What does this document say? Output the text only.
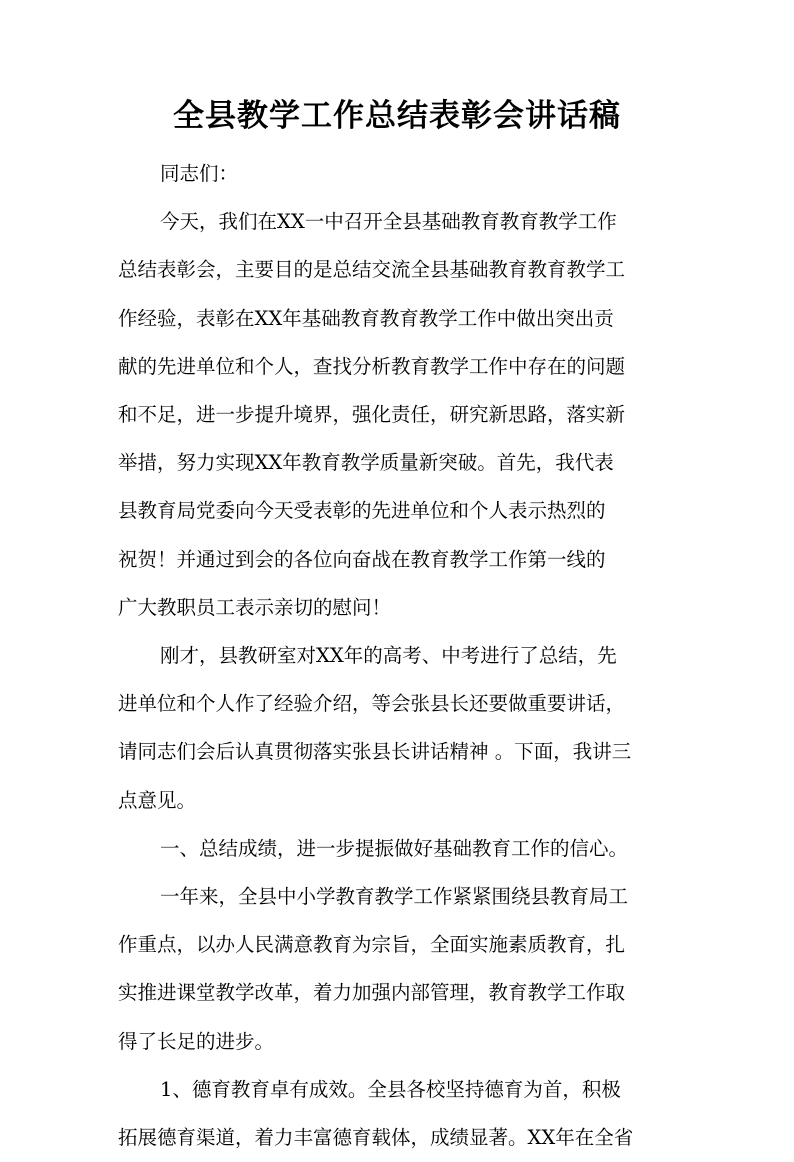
全县教学工作总结表彰会讲话稿
同志们：
今天，我们在XX一中召开全县基础教育教育教学工作
总结表彰会，主要目的是总结交流全县基础教育教育教学工
作经验，表彰在XX年基础教育教育教学工作中做出突出贡
献的先进单位和个人，查找分析教育教学工作中存在的问题
和不足，进一步提升境界，强化责任，研究新思路，落实新
举措，努力实现XX年教育教学质量新突破。首先，我代表
县教育局党委向今天受表彰的先进单位和个人表示热烈的
祝贺！并通过到会的各位向奋战在教育教学工作第一线的
广大教职员工表示亲切的慰问！
刚才，县教研室对XX年的高考、中考进行了总结，先
进单位和个人作了经验介绍，等会张县长还要做重要讲话，
请同志们会后认真贯彻落实张县长讲话精神 。下面，我讲三
点意见。
一、总结成绩，进一步提振做好基础教育工作的信心。
一年来，全县中小学教育教学工作紧紧围绕县教育局工
作重点，以办人民满意教育为宗旨，全面实施素质教育，扎
实推进课堂教学改革，着力加强内部管理，教育教学工作取
得了长足的进步。
1、德育教育卓有成效。全县各校坚持德育为首，积极
拓展德育渠道，着力丰富德育载体，成绩显著。XX年在全省
